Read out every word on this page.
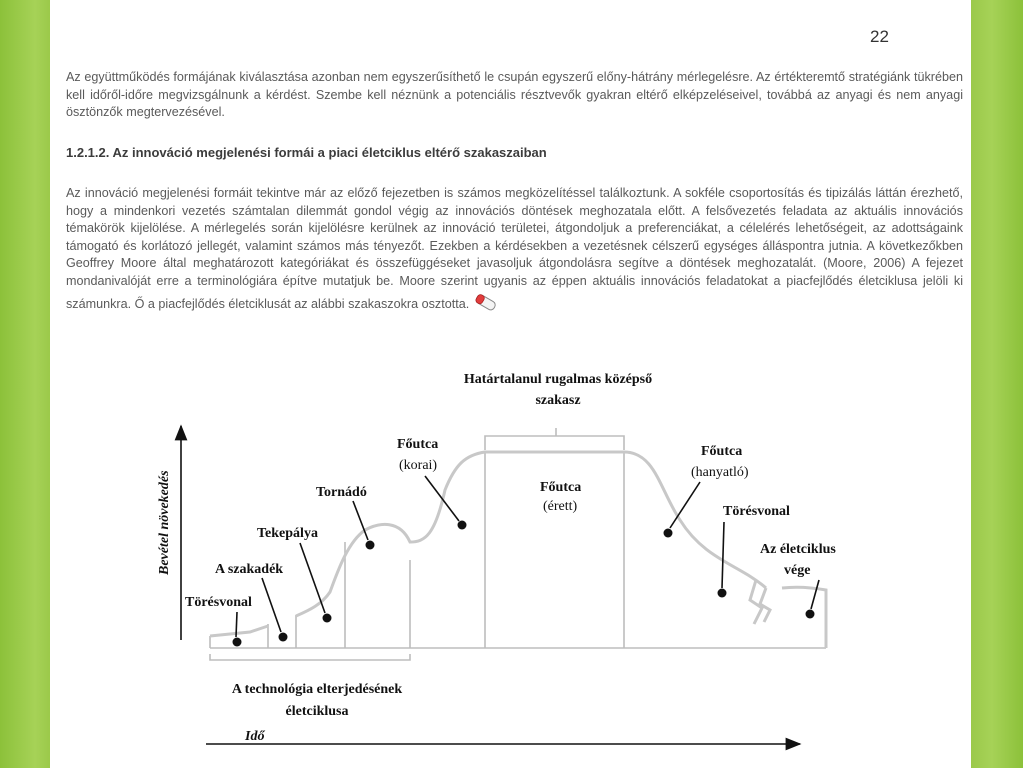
22

Az együttműködés formájának kiválasztása azonban nem egyszerűsíthető le csupán egyszerű előny-hátrány mérlegelésre. Az értékteremtő stratégiánk tükrében kell időről-időre megvizsgálnunk a kérdést. Szembe kell néznünk a potenciális résztvevők gyakran eltérő elképzeléseivel, továbbá az anyagi és nem anyagi ösztönzők megtervezésével.

1.2.1.2. Az innováció megjelenési formái a piaci életciklus eltérő szakaszaiban

Az innováció megjelenési formáit tekintve már az előző fejezetben is számos megközelítéssel találkoztunk. A sokféle csoportosítás és tipizálás láttán érezhető, hogy a mindenkori vezetés számtalan dilemmát gondol végig az innovációs döntések meghozatala előtt. A felsővezetés feladata az aktuális innovációs témakörök kijelölése. A mérlegelés során kijelölésre kerülnek az innováció területei, átgondoljuk a preferenciákat, a célelérés lehetőségeit, az adottságaink támogató és korlátozó jellegét, valamint számos más tényezőt. Ezekben a kérdésekben a vezetésnek célszerű egységes álláspontra jutnia. A következőkben Geoffrey Moore által meghatározott kategóriákat és összefüggéseket javasoljuk átgondolásra segítve a döntések meghozatalát. (Moore, 2006) A fejezet mondanivalóját erre a terminológiára építve mutatjuk be. Moore szerint ugyanis az éppen aktuális innovációs feladatokat a piacfejlődés életciklusa jelöli ki számunkra. Ő a piacfejlődés életciklusát az alábbi szakaszokra osztotta.

Határtalanul rugalmas középső
szakasz
Bevétel növekedés
Törésvonal
A szakadék
Tekepálya
Tornádó
Főutca
(korai)
Főutca
(érett)
Főutca
(hanyatló)
Törésvonal
Az életciklus
vége
A technológia elterjedésének
életciklusa
Idő
